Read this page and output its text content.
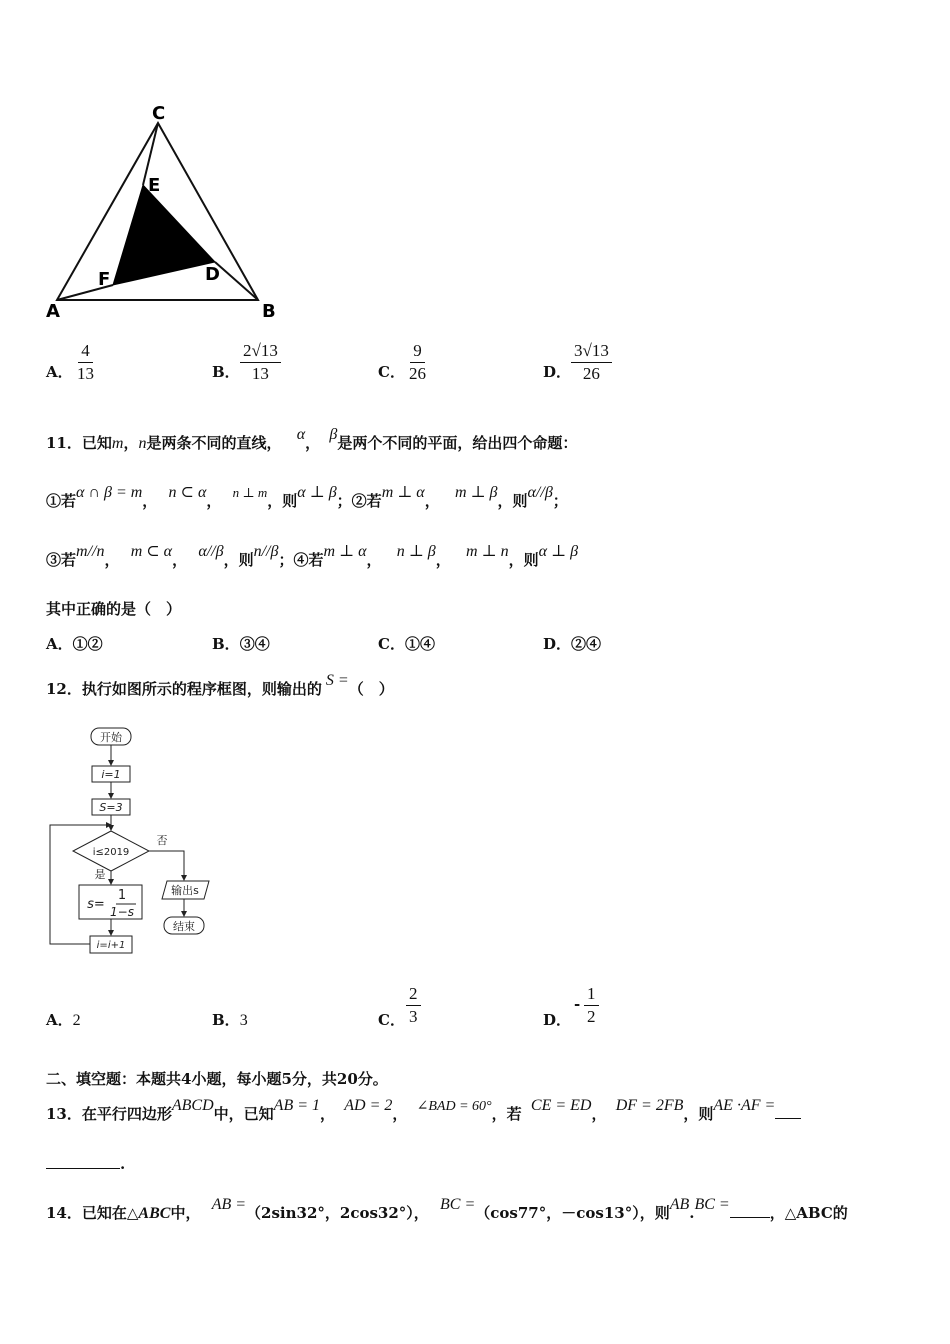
C
E
F	D
A	B
A． $\frac{4}{13}$	B． $\frac{2√13}{13}$	C． $\frac{9}{26}$	D． $\frac{3√13}{26}$
11．已知m，n是两条不同的直线， α， β是两个不同的平面，给出四个命题：
①若α ∩ β = m， n ⊂ α， n ⊥ m，则α ⊥ β；②若m ⊥ α， m ⊥ β，则α//β；
③若m//n， m ⊂ α， α//β，则n//β；④若m ⊥ α， n ⊥ β， m ⊥ n，则α ⊥ β
其中正确的是（　）
A．①②	B．③④	C．①④	D．②④
12．执行如图所示的程序框图，则输出的 S =（　）
开始
i=1
S=3
i≤2019
否
是
s=
1
1−s
输出s
i=i+1
结束
A．2	B．3	C． $\frac{2}{3}$	D．
- $\frac{1}{2}$
二、填空题：本题共4小题，每小题5分，共20分。
13．在平行四边形ABCD中，已知AB = 1， AD = 2， ∠BAD = 60°，若 CE = ED， DF = 2FB，则AE ·AF =
.
14．已知在△ABC中， AB =（2sin32°，2cos32°）， BC =（cos77°，－cos13°），则AB.BC =	，△ABC的
